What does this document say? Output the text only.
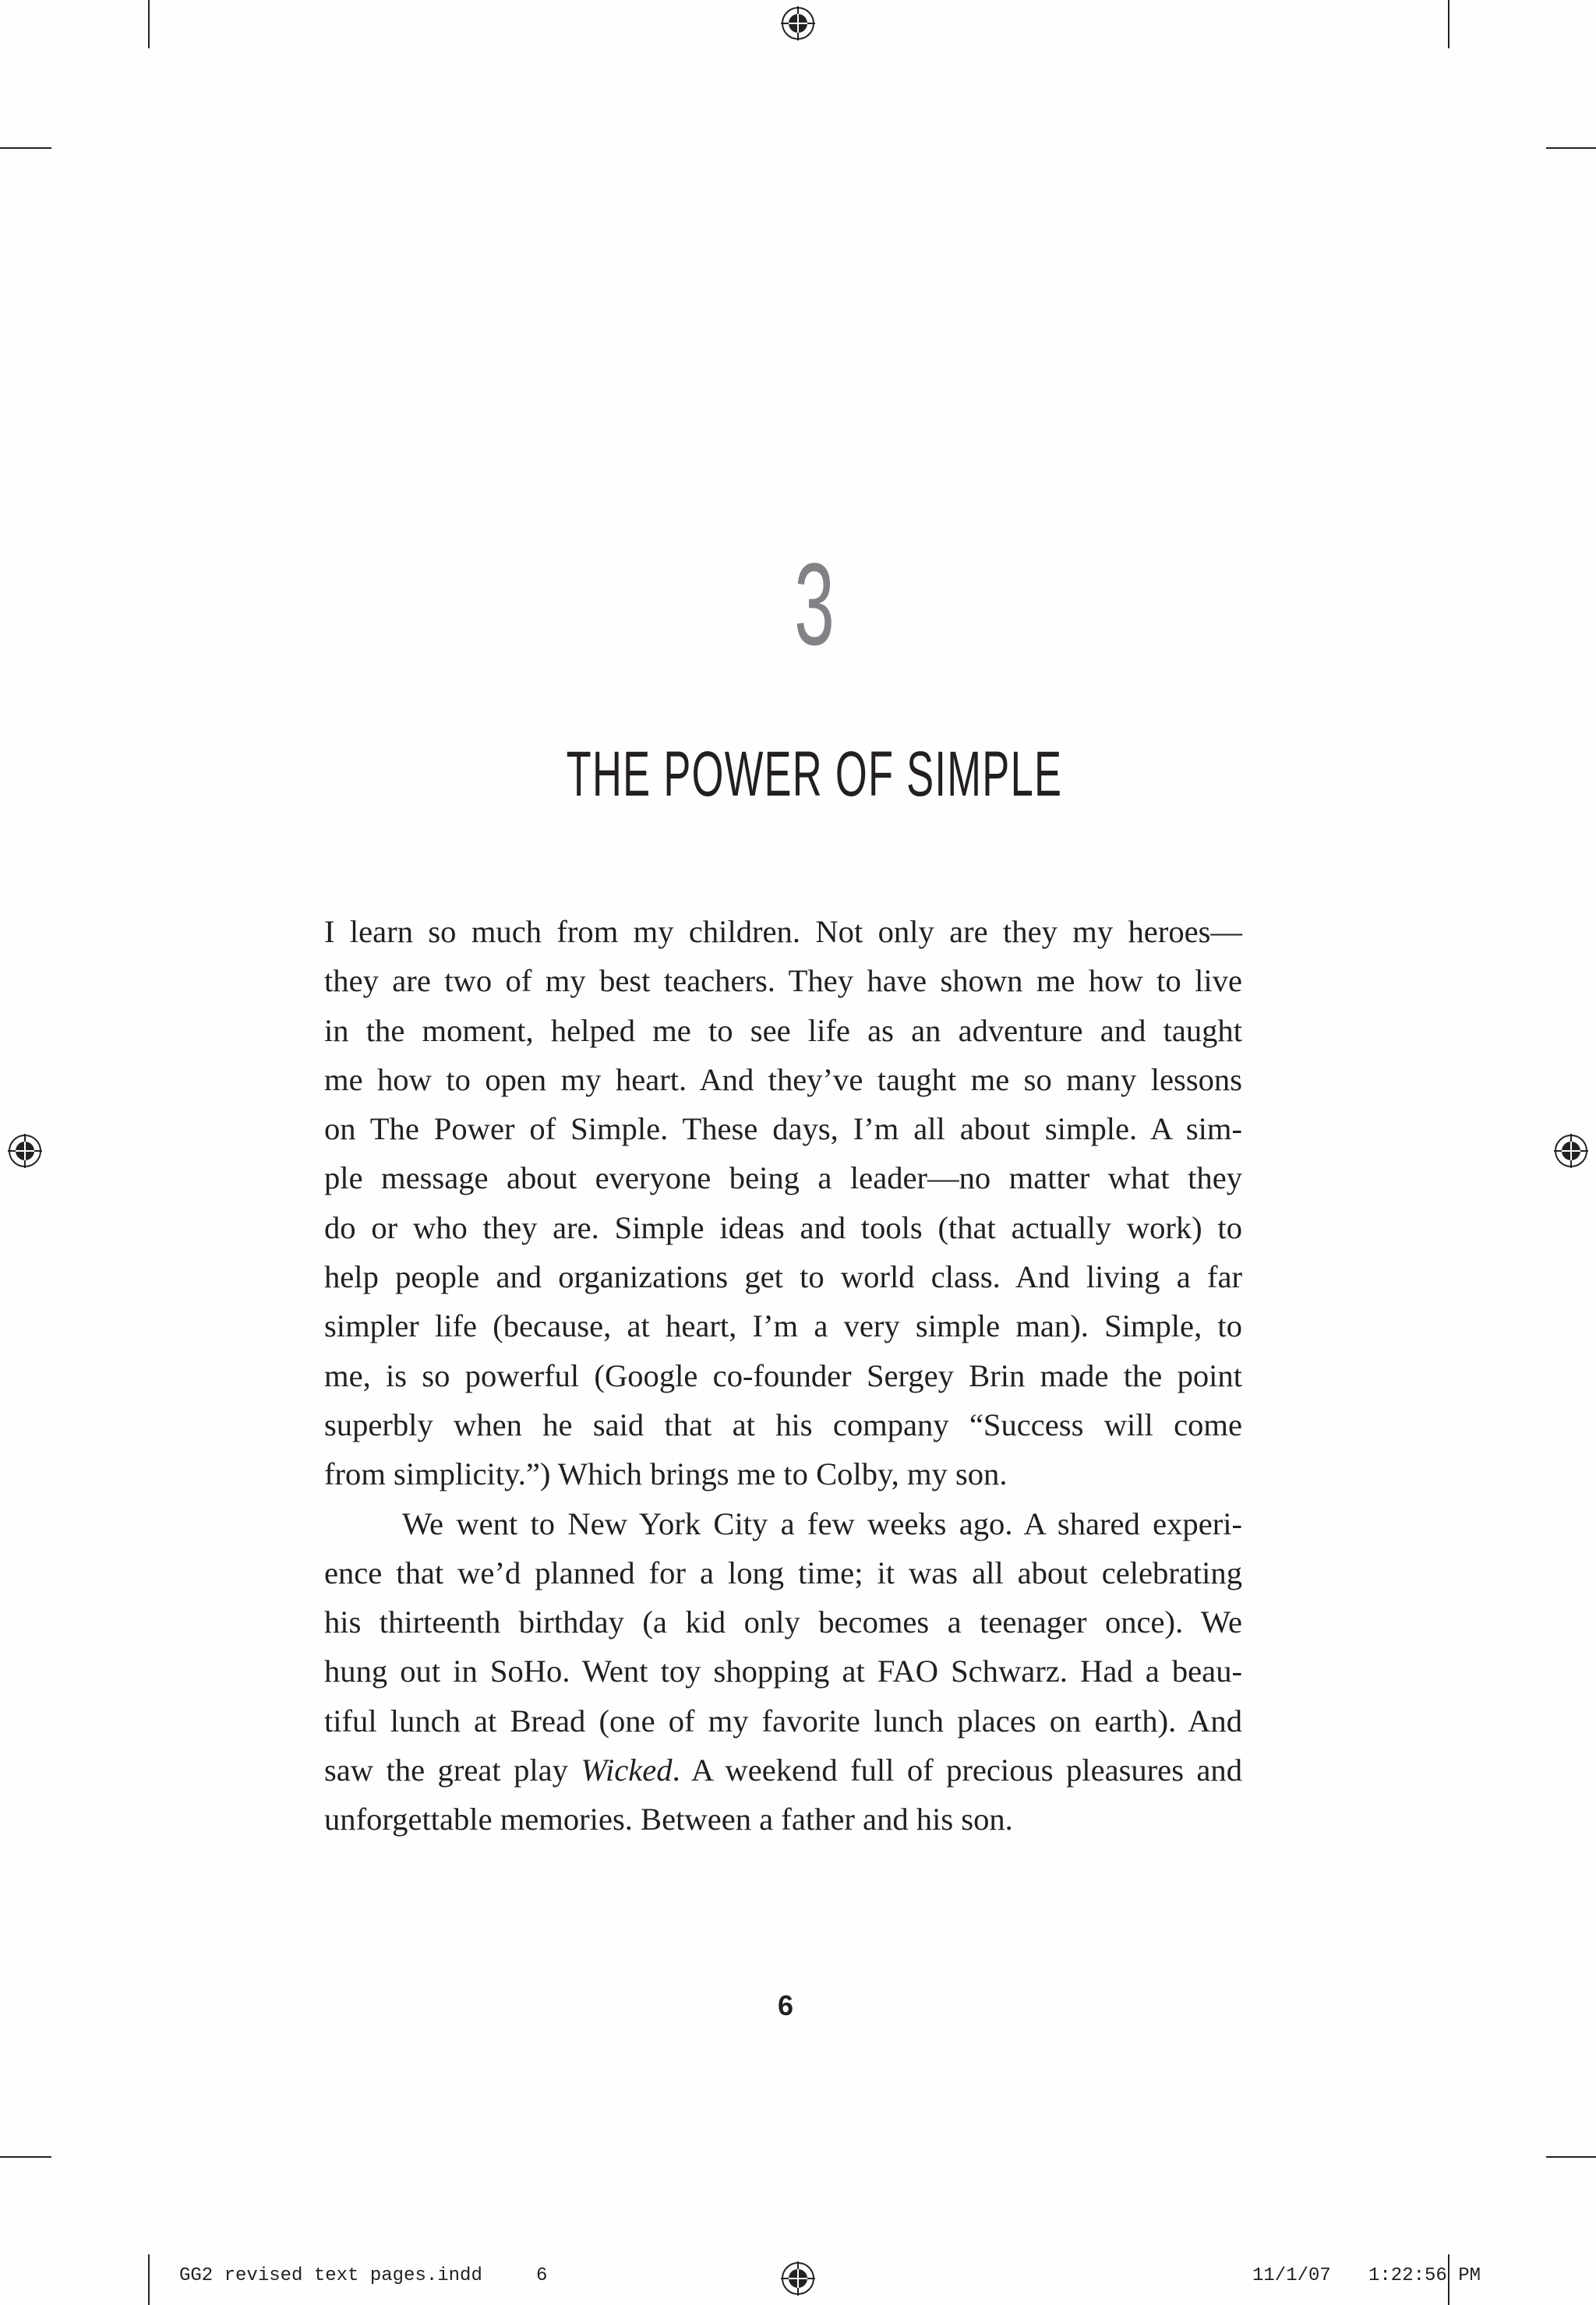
3
THE POWER OF SIMPLE
I learn so much from my children. Not only are they my heroes—
they are two of my best teachers. They have shown me how to live
in the moment, helped me to see life as an adventure and taught
me how to open my heart. And they’ve taught me so many lessons
on The Power of Simple. These days, I’m all about simple. A sim-
ple message about everyone being a leader—no matter what they
do or who they are. Simple ideas and tools (that actually work) to
help people and organizations get to world class. And living a far
simpler life (because, at heart, I’m a very simple man). Simple, to
me, is so powerful (Google co-founder Sergey Brin made the point
superbly when he said that at his company “Success will come
from simplicity.”) Which brings me to Colby, my son.
We went to New York City a few weeks ago. A shared experi-
ence that we’d planned for a long time; it was all about celebrating
his thirteenth birthday (a kid only becomes a teenager once). We
hung out in SoHo. Went toy shopping at FAO Schwarz. Had a beau-
tiful lunch at Bread (one of my favorite lunch places on earth). And
saw the great play Wicked. A weekend full of precious pleasures and
unforgettable memories. Between a father and his son.
6
GG2 revised text pages.indd	6	11/1/07 1:22:56 PM
